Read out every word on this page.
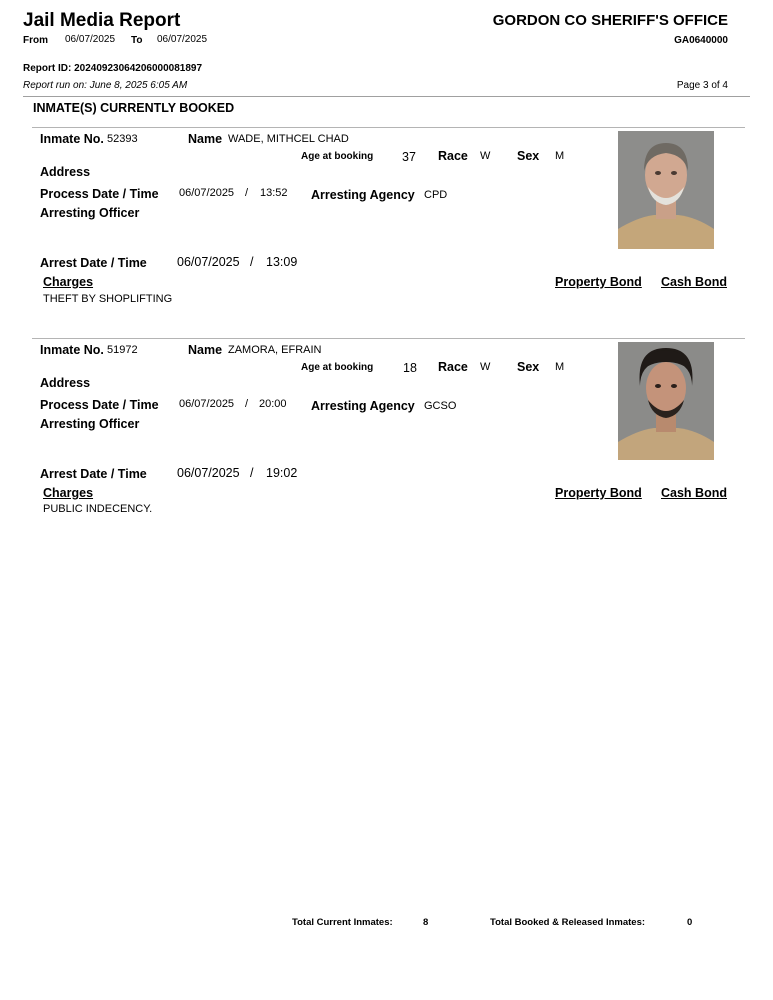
Jail Media Report
From 06/07/2025 To 06/07/2025
GORDON CO SHERIFF'S OFFICE
GA0640000
Report ID: 20240923064206000081897
Report run on: June 8, 2025 6:05 AM	Page 3 of 4
INMATE(S) CURRENTLY BOOKED
Inmate No. 52393	Name WADE, MITHCEL CHAD
Age at booking 37 Race W Sex M
Address
Process Date / Time 06/07/2025 / 13:52 Arresting Agency CPD
Arresting Officer
Arrest Date / Time 06/07/2025 / 13:09
Charges	Property Bond Cash Bond
THEFT BY SHOPLIFTING
Inmate No. 51972	Name ZAMORA, EFRAIN
Age at booking 18 Race W Sex M
Address
Process Date / Time 06/07/2025 / 20:00 Arresting Agency GCSO
Arresting Officer
Arrest Date / Time 06/07/2025 / 19:02
Charges	Property Bond Cash Bond
PUBLIC INDECENCY.
Total Current Inmates:	8	Total Booked & Released Inmates:	0
